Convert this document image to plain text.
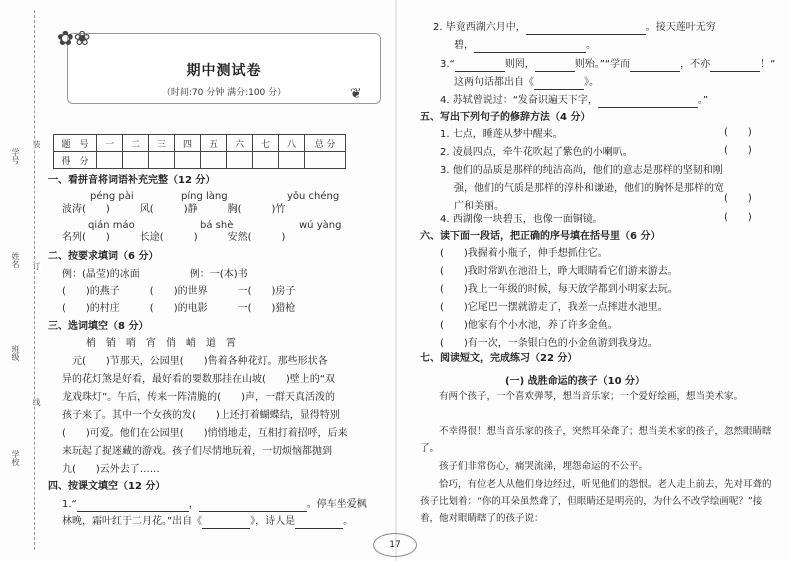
学号
姓名
班级
学校
装
订
线
期中测试卷
（时间:70 分钟 满分:100 分）
✿❀
❦
题　号	一	二	三	四	五	六	七	八	总 分
得　分									
一、看拼音将词语补充完整（12 分）
péng pài	píng làng	yǒu chéng
波涛(　　)　　　风(　　　)静　　　胸(　　　)竹
qián máo	bá shè	wú yàng
名列(　　)　　　长途(　　　)　　　安然(　　　)
二、按要求填词（6 分）
例：(晶莹)的冰面　　　　　例：一(本)书
(　　)的燕子　　　(　　)的世界　　　一(　　)房子
(　　)的村庄　　　(　　)的电影　　　一(　　)猎枪
三、选词填空（8 分）
梢　销　哨　宵　俏　峭　道　霄
元(　　)节那天，公园里(　　)售着各种花灯。那些形状各
异的花灯煞是好看，最好看的要数那挂在山坡(　　)壁上的“双
龙戏珠灯”。午后，传来一阵清脆的(　　)声，一群天真活泼的
孩子来了。其中一个女孩的发(　　)上还打着蝴蝶结，显得特别
(　　)可爱。他们在公园里(　　)悄悄地走，互相打着招呼，后来
来玩起了捉迷藏的游戏。孩子们尽情地玩着，一切烦恼都抛到
九(　　)云外去了……
四、按课文填空（12 分）
1.“	，	。停车坐爱枫
林晚，霜叶红于二月花。”出自《	》，诗人是	。
2. 毕竟西湖六月中，	。接天莲叶无穷
碧，	。
3.“	则罔，	则殆。”“学而	，不亦	！”
这两句话都出自《	》。
4. 苏轼曾说过：“发奋识遍天下字，	。”
五、写出下列句子的修辞方法（4 分）
1. 七点，睡莲从梦中醒来。	(　　)
2. 凌晨四点，牵牛花吹起了紫色的小喇叭。	(　　)
3. 他们的品质是那样的纯洁高尚，他们的意志是那样的坚韧和刚
强，他们的气质是那样的淳朴和谦逊，他们的胸怀是那样的宽
广和美丽。
(　　)
4. 西湖像一块碧玉，也像一面铜镜。	(　　)
六、读下面一段话，把正确的序号填在括号里（6 分）
(　　)我握着小瓶子，伸手想抓住它。
(　　)我时常趴在池沿上，睁大眼睛看它们游来游去。
(　　)我上一年级的时候，每天放学都到小明家去玩。
(　　)它尾巴一摆就游走了，我差一点摔进水池里。
(　　)他家有个小水池，养了许多金鱼。
(　　)有一次，一条银白色的小金鱼游到我身边。
七、阅读短文，完成练习（22 分）
(一) 战胜命运的孩子（10 分）
　　有两个孩子，一个喜欢弹琴，想当音乐家；一个爱好绘画，想当美术家。
　　不幸得很！想当音乐家的孩子，突然耳朵聋了；想当美术家的孩子，忽然眼睛瞎了。
　　孩子们非常伤心，痛哭流涕，埋怨命运的不公平。
　　恰巧，有位老人从他们身边经过，听见他们的怨恨。老人走上前去，先对耳聋的孩子比划着：“你的耳朵虽然聋了，但眼睛还是明亮的，为什么不改学绘画呢？”接着，他对眼睛瞎了的孩子说：
17
